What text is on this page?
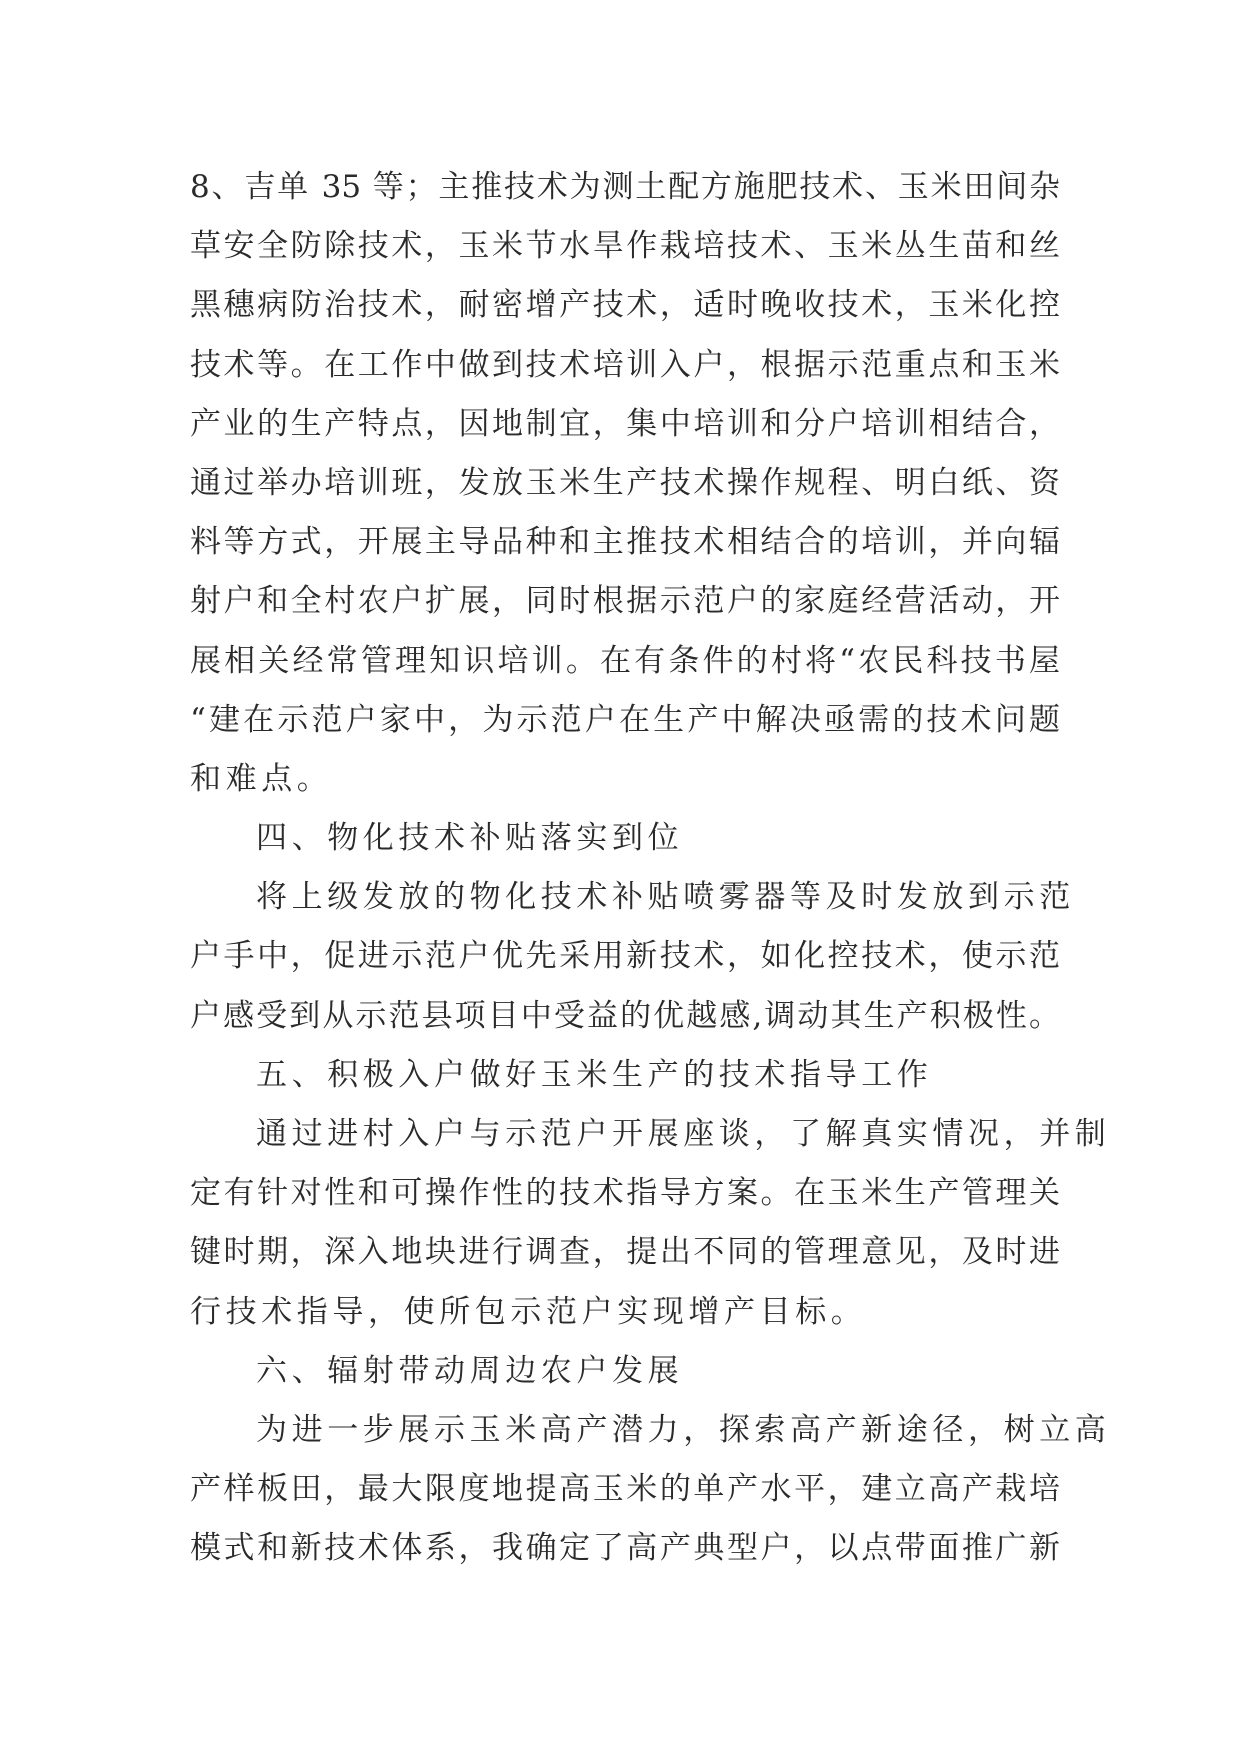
8、吉单 35 等；主推技术为测土配方施肥技术、玉米田间杂
草安全防除技术，玉米节水旱作栽培技术、玉米丛生苗和丝
黑穗病防治技术，耐密增产技术，适时晚收技术，玉米化控
技术等。在工作中做到技术培训入户，根据示范重点和玉米
产业的生产特点，因地制宜，集中培训和分户培训相结合，
通过举办培训班，发放玉米生产技术操作规程、明白纸、资
料等方式，开展主导品种和主推技术相结合的培训，并向辐
射户和全村农户扩展，同时根据示范户的家庭经营活动，开
展相关经常管理知识培训。在有条件的村将“农民科技书屋
“建在示范户家中，为示范户在生产中解决亟需的技术问题
和难点。
四、物化技术补贴落实到位
将上级发放的物化技术补贴喷雾器等及时发放到示范
户手中，促进示范户优先采用新技术，如化控技术，使示范
户感受到从示范县项目中受益的优越感,调动其生产积极性。
五、积极入户做好玉米生产的技术指导工作
通过进村入户与示范户开展座谈，了解真实情况，并制
定有针对性和可操作性的技术指导方案。在玉米生产管理关
键时期，深入地块进行调查，提出不同的管理意见，及时进
行技术指导，使所包示范户实现增产目标。
六、辐射带动周边农户发展
为进一步展示玉米高产潜力，探索高产新途径，树立高
产样板田，最大限度地提高玉米的单产水平，建立高产栽培
模式和新技术体系，我确定了高产典型户，以点带面推广新
